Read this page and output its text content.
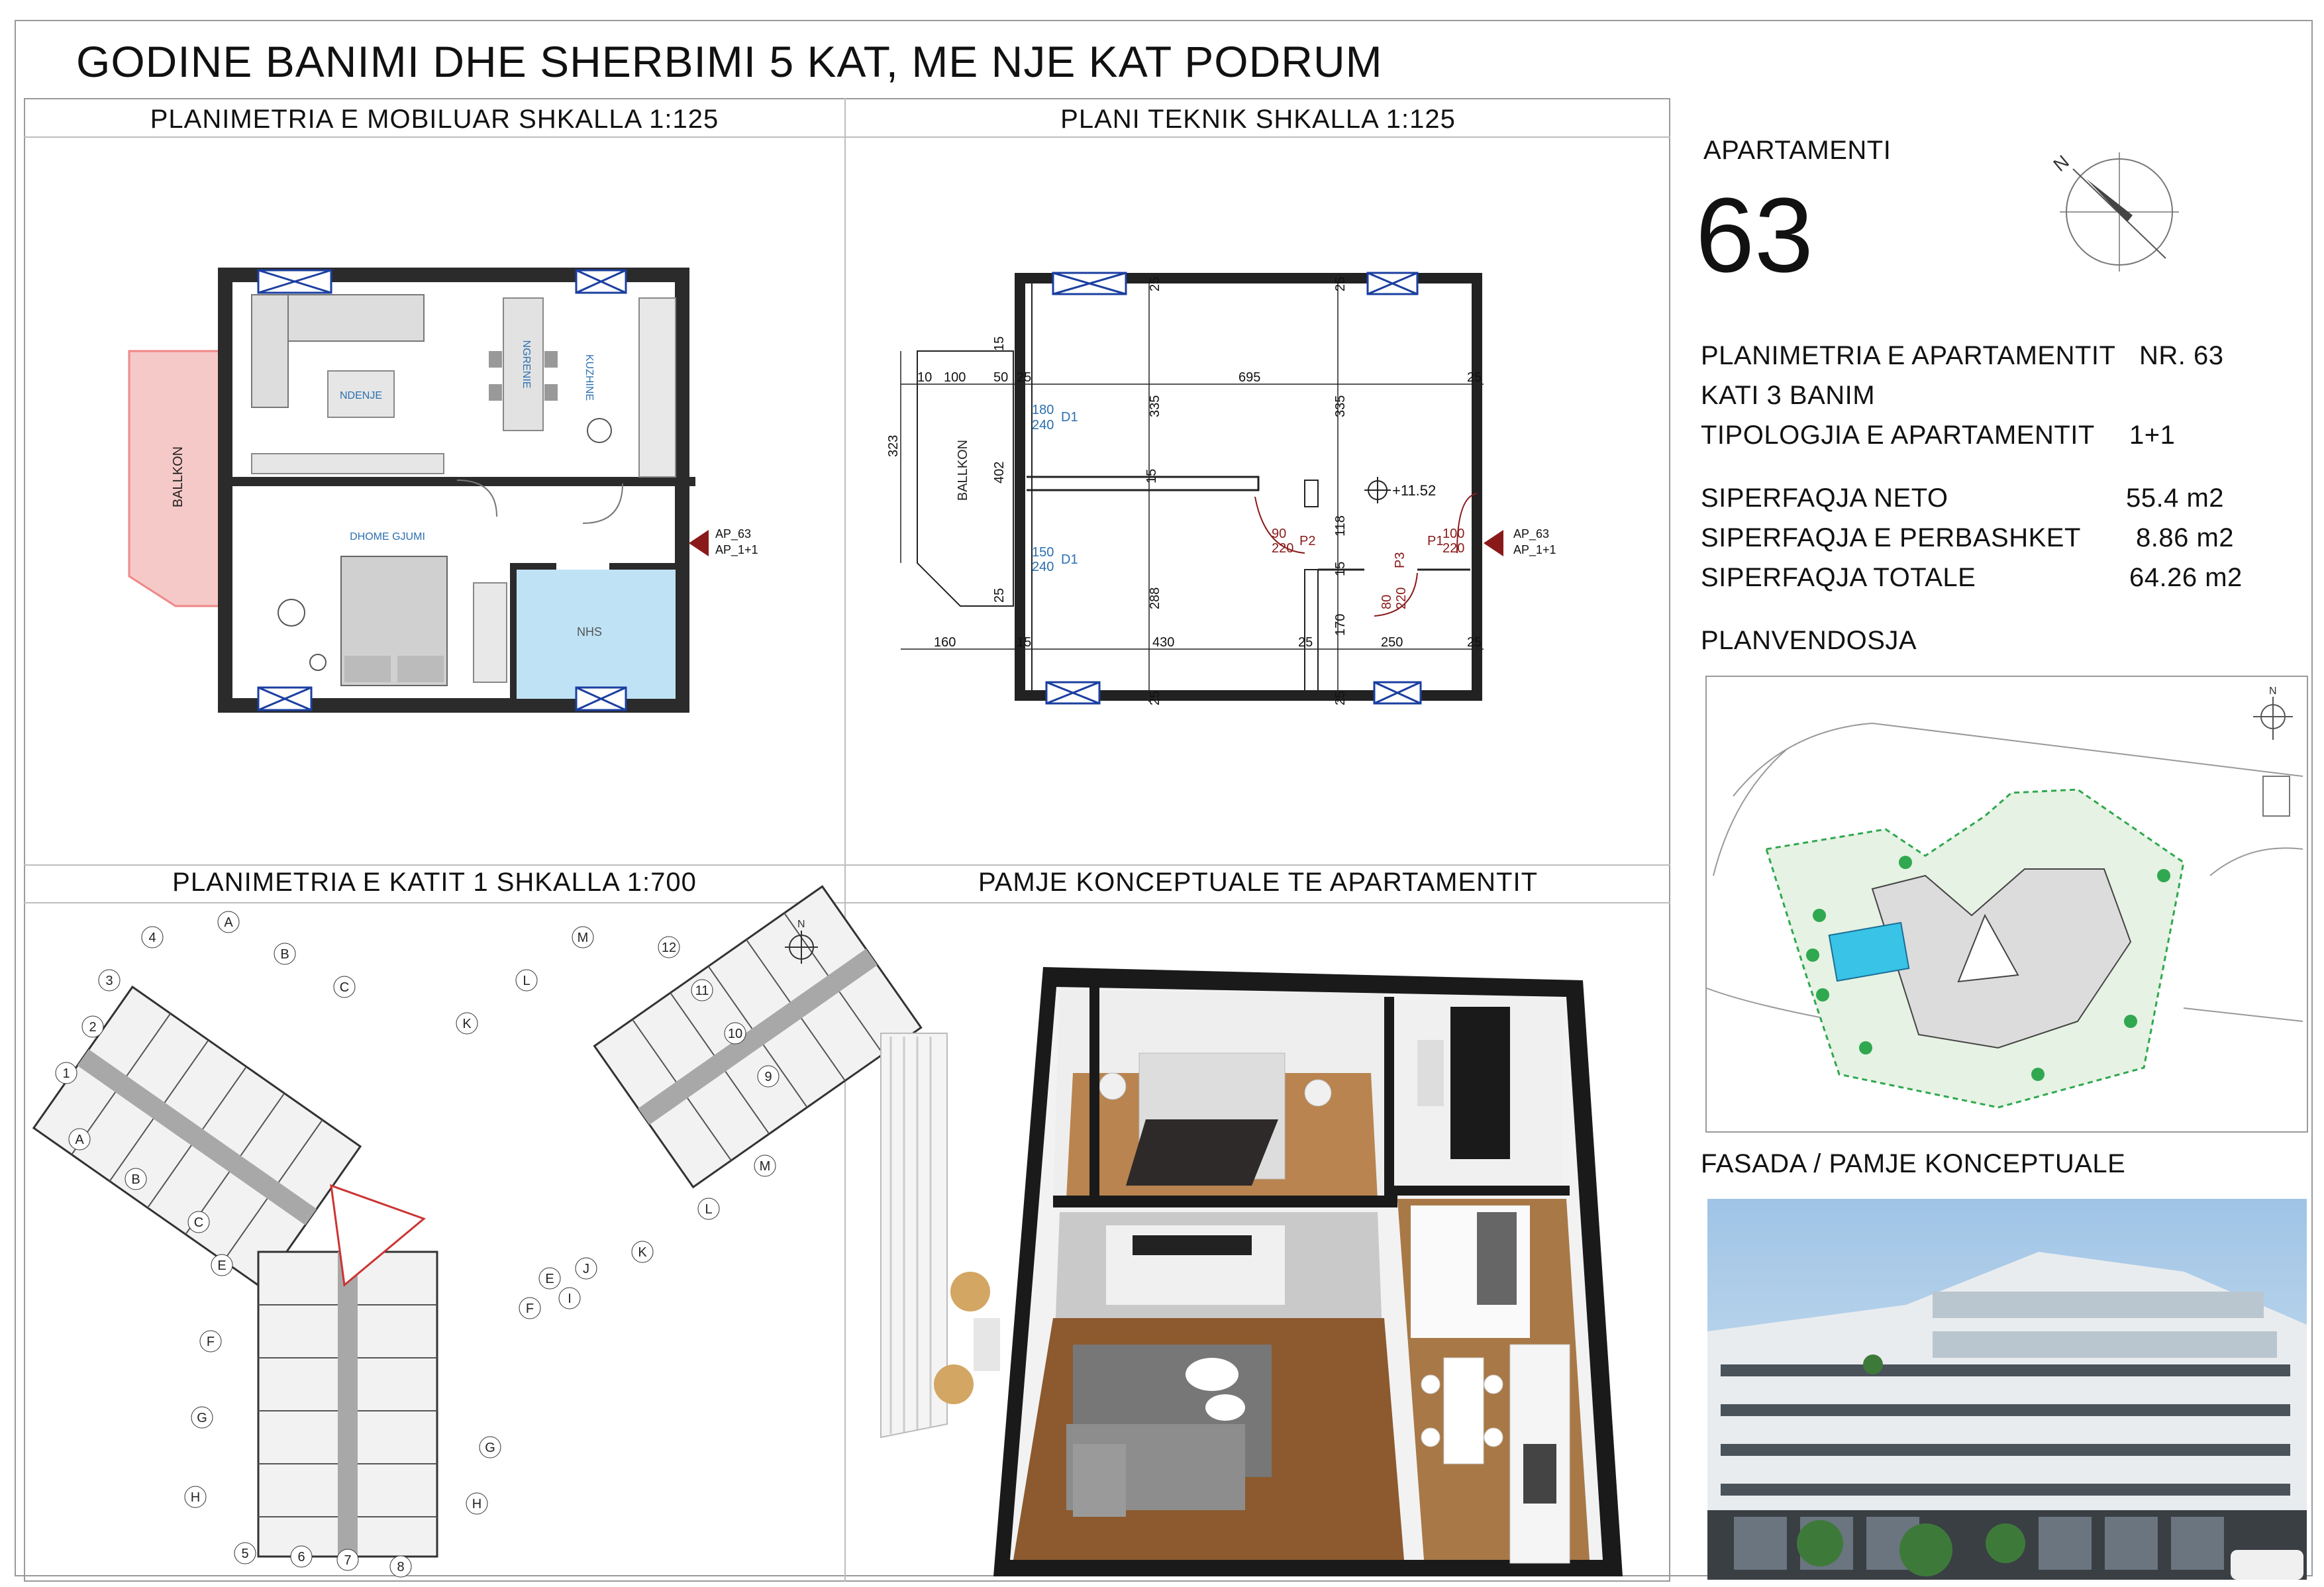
GODINE BANIMI DHE SHERBIMI 5 KAT, ME NJE KAT PODRUM
PLANIMETRIA E MOBILUAR SHKALLA 1:125	PLANI TEKNIK SHKALLA 1:125
PLANIMETRIA E KATIT 1 SHKALLA 1:700	PAMJE KONCEPTUALE TE APARTAMENTIT
BALLKON
NHS
NDENJE
NGRENIE	KUZHINE
DHOME GJUMI	AP_63
AP_1+1
BALLKON
10 100 50 25	695	25
15
25	25
335	335
323
402	15
118
15
288
170
25
160	15	430	25	250	25
25	25
180
240
D1
150
240 D1
90
220 P2	P1
100
220
80 220
P3
+11.52
AP_63
AP_1+1
N
A
B
C
A
B
C
4
3
2
1
E
F
G
H
5	6	7	8
H
G
F
E
J
K
L
M
9
10
11
12
M
L
K
I
APARTAMENTI
63
N
PLANIMETRIA E APARTAMENTIT NR. 63
KATI 3 BANIM
TIPOLOGJIA E APARTAMENTIT 1+1
SIPERFAQJA NETO	55.4 m2
SIPERFAQJA E PERBASHKET 8.86 m2
SIPERFAQJA TOTALE	64.26 m2
PLANVENDOSJA
N
FASADA / PAMJE KONCEPTUALE
